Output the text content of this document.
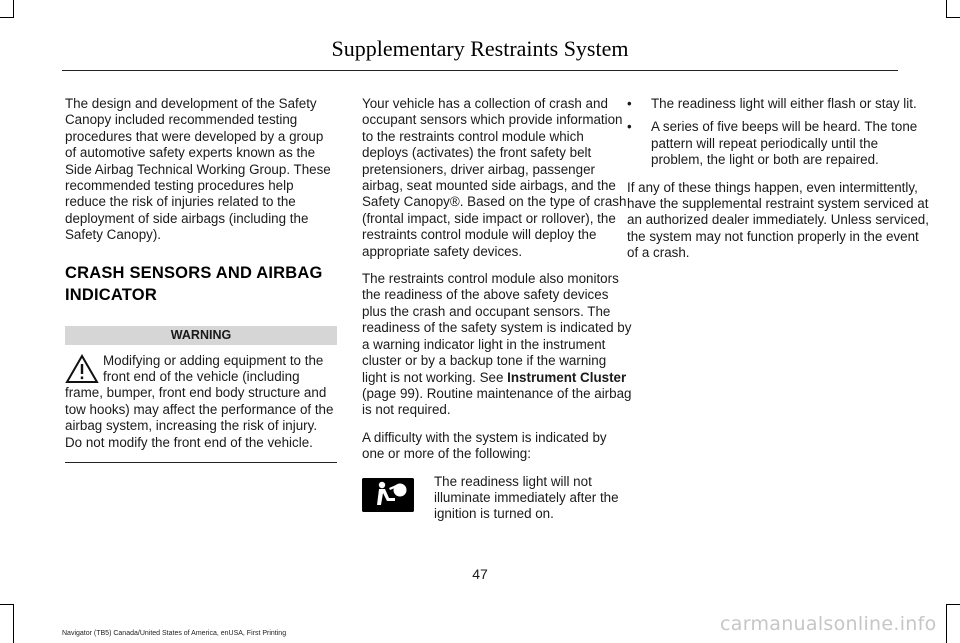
Supplementary Restraints System

The design and development of the Safety Canopy included recommended testing procedures that were developed by a group of automotive safety experts known as the Side Airbag Technical Working Group. These recommended testing procedures help reduce the risk of injuries related to the deployment of side airbags (including the Safety Canopy).

CRASH SENSORS AND AIRBAG
INDICATOR
WARNING

Modifying or adding equipment to the front end of the vehicle (including frame, bumper, front end body structure and tow hooks) may affect the performance of the airbag system, increasing the risk of injury. Do not modify the front end of the vehicle.

Your vehicle has a collection of crash and occupant sensors which provide information to the restraints control module which deploys (activates) the front safety belt pretensioners, driver airbag, passenger airbag, seat mounted side airbags, and the Safety Canopy®. Based on the type of crash (frontal impact, side impact or rollover), the restraints control module will deploy the appropriate safety devices.

The restraints control module also monitors the readiness of the above safety devices plus the crash and occupant sensors. The readiness of the safety system is indicated by a warning indicator light in the instrument cluster or by a backup tone if the warning light is not working. See Instrument Cluster (page 99). Routine maintenance of the airbag is not required.

A difficulty with the system is indicated by one or more of the following:

The readiness light will not illuminate immediately after the ignition is turned on.
• The readiness light will either flash or stay lit.
• A series of five beeps will be heard. The tone pattern will repeat periodically until the problem, the light or both are repaired.

If any of these things happen, even intermittently, have the supplemental restraint system serviced at an authorized dealer immediately. Unless serviced, the system may not function properly in the event of a crash.

47
Navigator (TB5) Canada/United States of America, enUSA, First Printing	carmanualsonline.info
